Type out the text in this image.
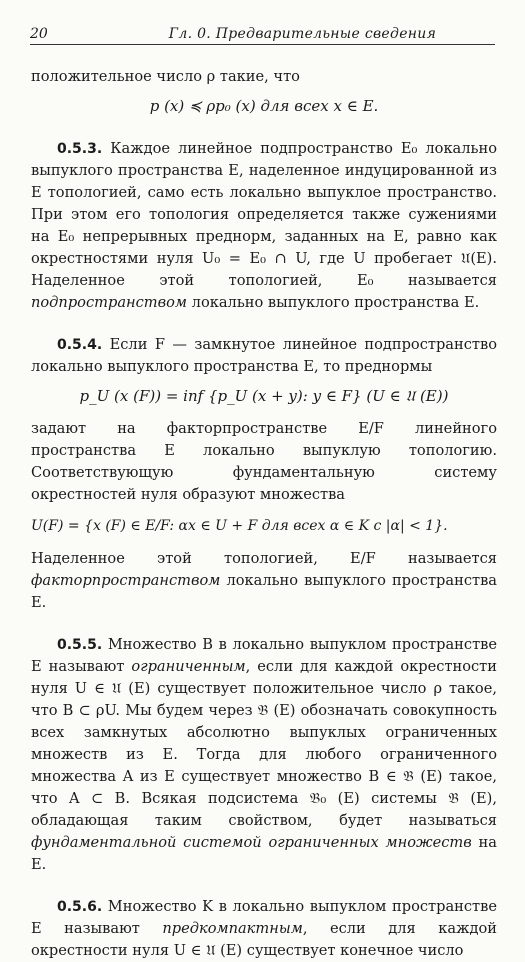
20	Гл. 0. Предварительные сведения

положительное число ρ такие, что

p (x) ≼ ρp₀ (x) для всех x ∈ E.

0.5.3. Каждое линейное подпространство E₀ локально выпуклого пространства E, наделенное индуцированной из E топологией, само есть локально выпуклое пространство. При этом его топология определяется также сужениями на E₀ непрерывных преднорм, заданных на E, равно как окрестностями нуля U₀ = E₀ ∩ U, где U пробегает 𝔘(E). Наделенное этой топологией, E₀ называется подпространством локально выпуклого пространства E.

0.5.4. Если F — замкнутое линейное подпространство локально выпуклого пространства E, то преднормы

p_U (x (F)) = inf {p_U (x + y): y ∈ F} (U ∈ 𝔘 (E))

задают на факторпространстве E/F линейного пространства E локально выпуклую топологию. Соответствующую фундаментальную систему окрестностей нуля образуют множества

U(F) = {x (F) ∈ E/F: αx ∈ U + F для всех α ∈ K с |α| < 1}.

Наделенное этой топологией, E/F называется факторпространством локально выпуклого пространства E.

0.5.5. Множество B в локально выпуклом пространстве E называют ограниченным, если для каждой окрестности нуля U ∈ 𝔘 (E) существует положительное число ρ такое, что B ⊂ ρU. Мы будем через 𝔅 (E) обозначать совокупность всех замкнутых абсолютно выпуклых ограниченных множеств из E. Тогда для любого ограниченного множества A из E существует множество B ∈ 𝔅 (E) такое, что A ⊂ B. Всякая подсистема 𝔅₀ (E) системы 𝔅 (E), обладающая таким свойством, будет называться фундаментальной системой ограниченных множеств на E.

0.5.6. Множество K в локально выпуклом пространстве E называют предкомпактным, если для каждой окрестности нуля U ∈ 𝔘 (E) существует конечное число
